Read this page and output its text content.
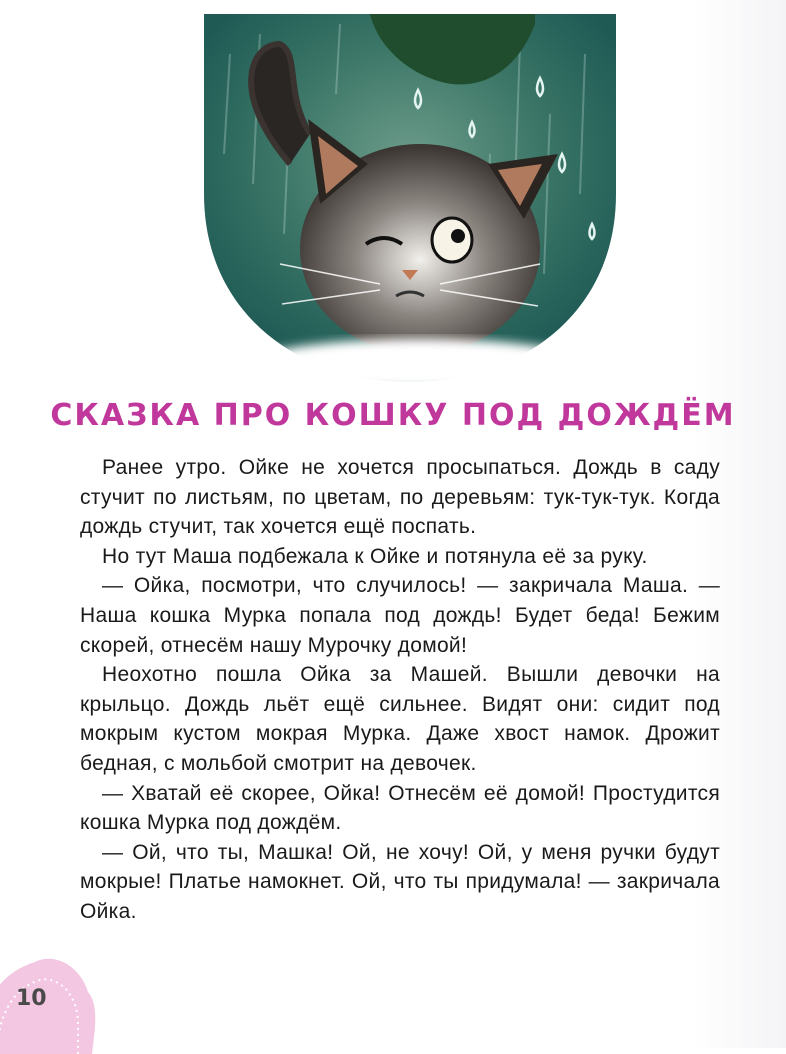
СКАЗКА ПРО КОШКУ ПОД ДОЖДЁМ

Ранее утро. Ойке не хочется просыпаться. Дождь в саду стучит по листьям, по цветам, по деревьям: тук-тук-тук. Когда дождь стучит, так хочется ещё поспать.

Но тут Маша подбежала к Ойке и потянула её за руку.

— Ойка, посмотри, что случилось! — закричала Маша. — Наша кошка Мурка попала под дождь! Будет беда! Бежим скорей, отнесём нашу Мурочку домой!

Неохотно пошла Ойка за Машей. Вышли девочки на крыльцо. Дождь льёт ещё сильнее. Видят они: сидит под мокрым кустом мокрая Мурка. Даже хвост намок. Дрожит бедная, с мольбой смотрит на девочек.

— Хватай её скорее, Ойка! Отнесём её домой! Простудится кошка Мурка под дождём.

— Ой, что ты, Машка! Ой, не хочу! Ой, у меня ручки будут мокрые! Платье намокнет. Ой, что ты придумала! — закричала Ойка.

10
